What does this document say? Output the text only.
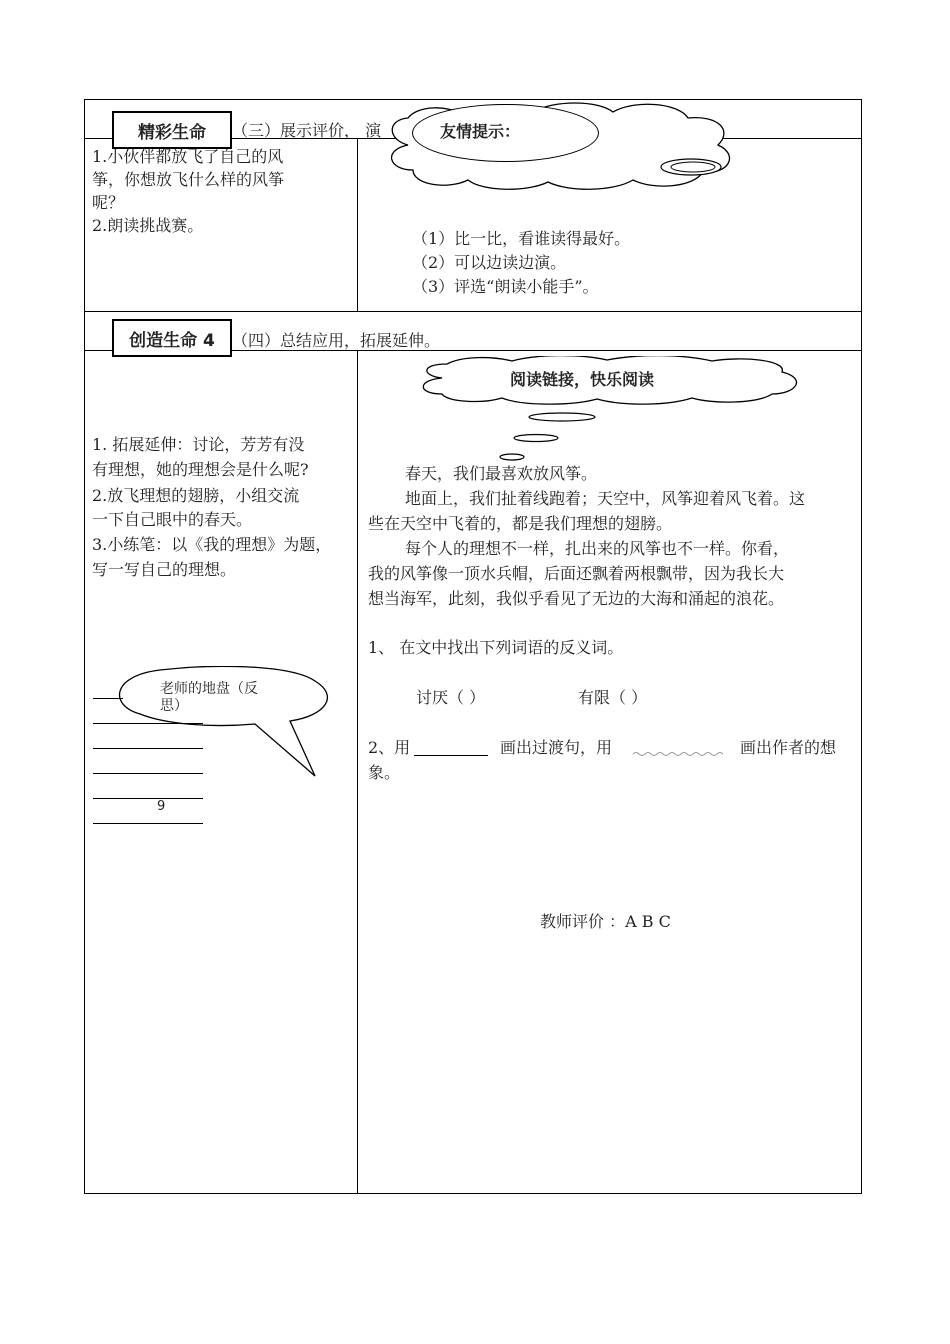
（三）展示评价， 演	友情提示：
精彩生命
1.小伙伴都放飞了自己的风
筝，你想放飞什么样的风筝
呢？
2.朗读挑战赛。
（1）比一比，看谁读得最好。
（2）可以边读边演。
（3）评选“朗读小能手”。
创造生命 4	（四）总结应用，拓展延伸。
阅读链接，快乐阅读
1. 拓展延伸：讨论，芳芳有没
有理想，她的理想会是什么呢?
2.放飞理想的翅膀，小组交流
一下自己眼中的春天。
3.小练笔：以《我的理想》为题，
写一写自己的理想。
老师的地盘（反
思）
9
春天，我们最喜欢放风筝。
地面上，我们扯着线跑着；天空中，风筝迎着风飞着。这
些在天空中飞着的，都是我们理想的翅膀。
每个人的理想不一样，扎出来的风筝也不一样。你看，
我的风筝像一顶水兵帽，后面还飘着两根飘带，因为我长大
想当海军，此刻，我似乎看见了无边的大海和涌起的浪花。
1、 在文中找出下列词语的反义词。
讨厌（ ）	有限（ ）
2、用	画出过渡句，用	画出作者的想
象。
教师评价 ：A B C
